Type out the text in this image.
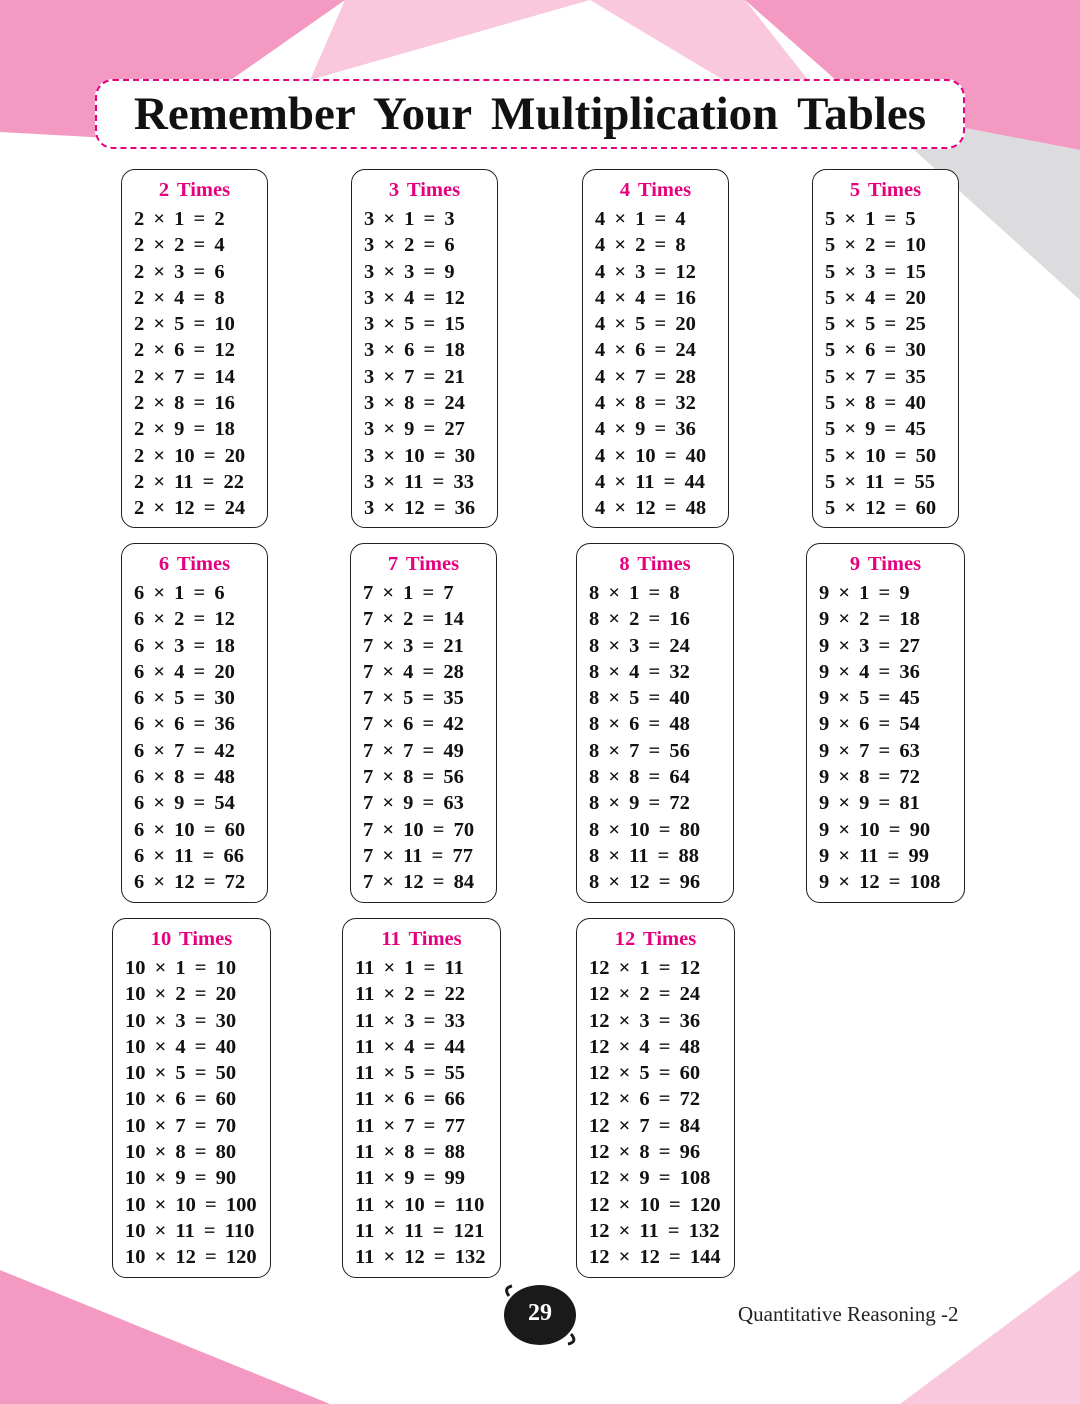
Remember Your Multiplication Tables
2 Times
2 × 1 = 2
2 × 2 = 4
2 × 3 = 6
2 × 4 = 8
2 × 5 = 10
2 × 6 = 12
2 × 7 = 14
2 × 8 = 16
2 × 9 = 18
2 × 10 = 20
2 × 11 = 22
2 × 12 = 24
3 Times
3 × 1 = 3
3 × 2 = 6
3 × 3 = 9
3 × 4 = 12
3 × 5 = 15
3 × 6 = 18
3 × 7 = 21
3 × 8 = 24
3 × 9 = 27
3 × 10 = 30
3 × 11 = 33
3 × 12 = 36
4 Times
4 × 1 = 4
4 × 2 = 8
4 × 3 = 12
4 × 4 = 16
4 × 5 = 20
4 × 6 = 24
4 × 7 = 28
4 × 8 = 32
4 × 9 = 36
4 × 10 = 40
4 × 11 = 44
4 × 12 = 48
5 Times
5 × 1 = 5
5 × 2 = 10
5 × 3 = 15
5 × 4 = 20
5 × 5 = 25
5 × 6 = 30
5 × 7 = 35
5 × 8 = 40
5 × 9 = 45
5 × 10 = 50
5 × 11 = 55
5 × 12 = 60
6 Times
6 × 1 = 6
6 × 2 = 12
6 × 3 = 18
6 × 4 = 20
6 × 5 = 30
6 × 6 = 36
6 × 7 = 42
6 × 8 = 48
6 × 9 = 54
6 × 10 = 60
6 × 11 = 66
6 × 12 = 72
7 Times
7 × 1 = 7
7 × 2 = 14
7 × 3 = 21
7 × 4 = 28
7 × 5 = 35
7 × 6 = 42
7 × 7 = 49
7 × 8 = 56
7 × 9 = 63
7 × 10 = 70
7 × 11 = 77
7 × 12 = 84
8 Times
8 × 1 = 8
8 × 2 = 16
8 × 3 = 24
8 × 4 = 32
8 × 5 = 40
8 × 6 = 48
8 × 7 = 56
8 × 8 = 64
8 × 9 = 72
8 × 10 = 80
8 × 11 = 88
8 × 12 = 96
9 Times
9 × 1 = 9
9 × 2 = 18
9 × 3 = 27
9 × 4 = 36
9 × 5 = 45
9 × 6 = 54
9 × 7 = 63
9 × 8 = 72
9 × 9 = 81
9 × 10 = 90
9 × 11 = 99
9 × 12 = 108
10 Times
10 × 1 = 10
10 × 2 = 20
10 × 3 = 30
10 × 4 = 40
10 × 5 = 50
10 × 6 = 60
10 × 7 = 70
10 × 8 = 80
10 × 9 = 90
10 × 10 = 100
10 × 11 = 110
10 × 12 = 120
11 Times
11 × 1 = 11
11 × 2 = 22
11 × 3 = 33
11 × 4 = 44
11 × 5 = 55
11 × 6 = 66
11 × 7 = 77
11 × 8 = 88
11 × 9 = 99
11 × 10 = 110
11 × 11 = 121
11 × 12 = 132
12 Times
12 × 1 = 12
12 × 2 = 24
12 × 3 = 36
12 × 4 = 48
12 × 5 = 60
12 × 6 = 72
12 × 7 = 84
12 × 8 = 96
12 × 9 = 108
12 × 10 = 120
12 × 11 = 132
12 × 12 = 144
29	Quantitative Reasoning -2
